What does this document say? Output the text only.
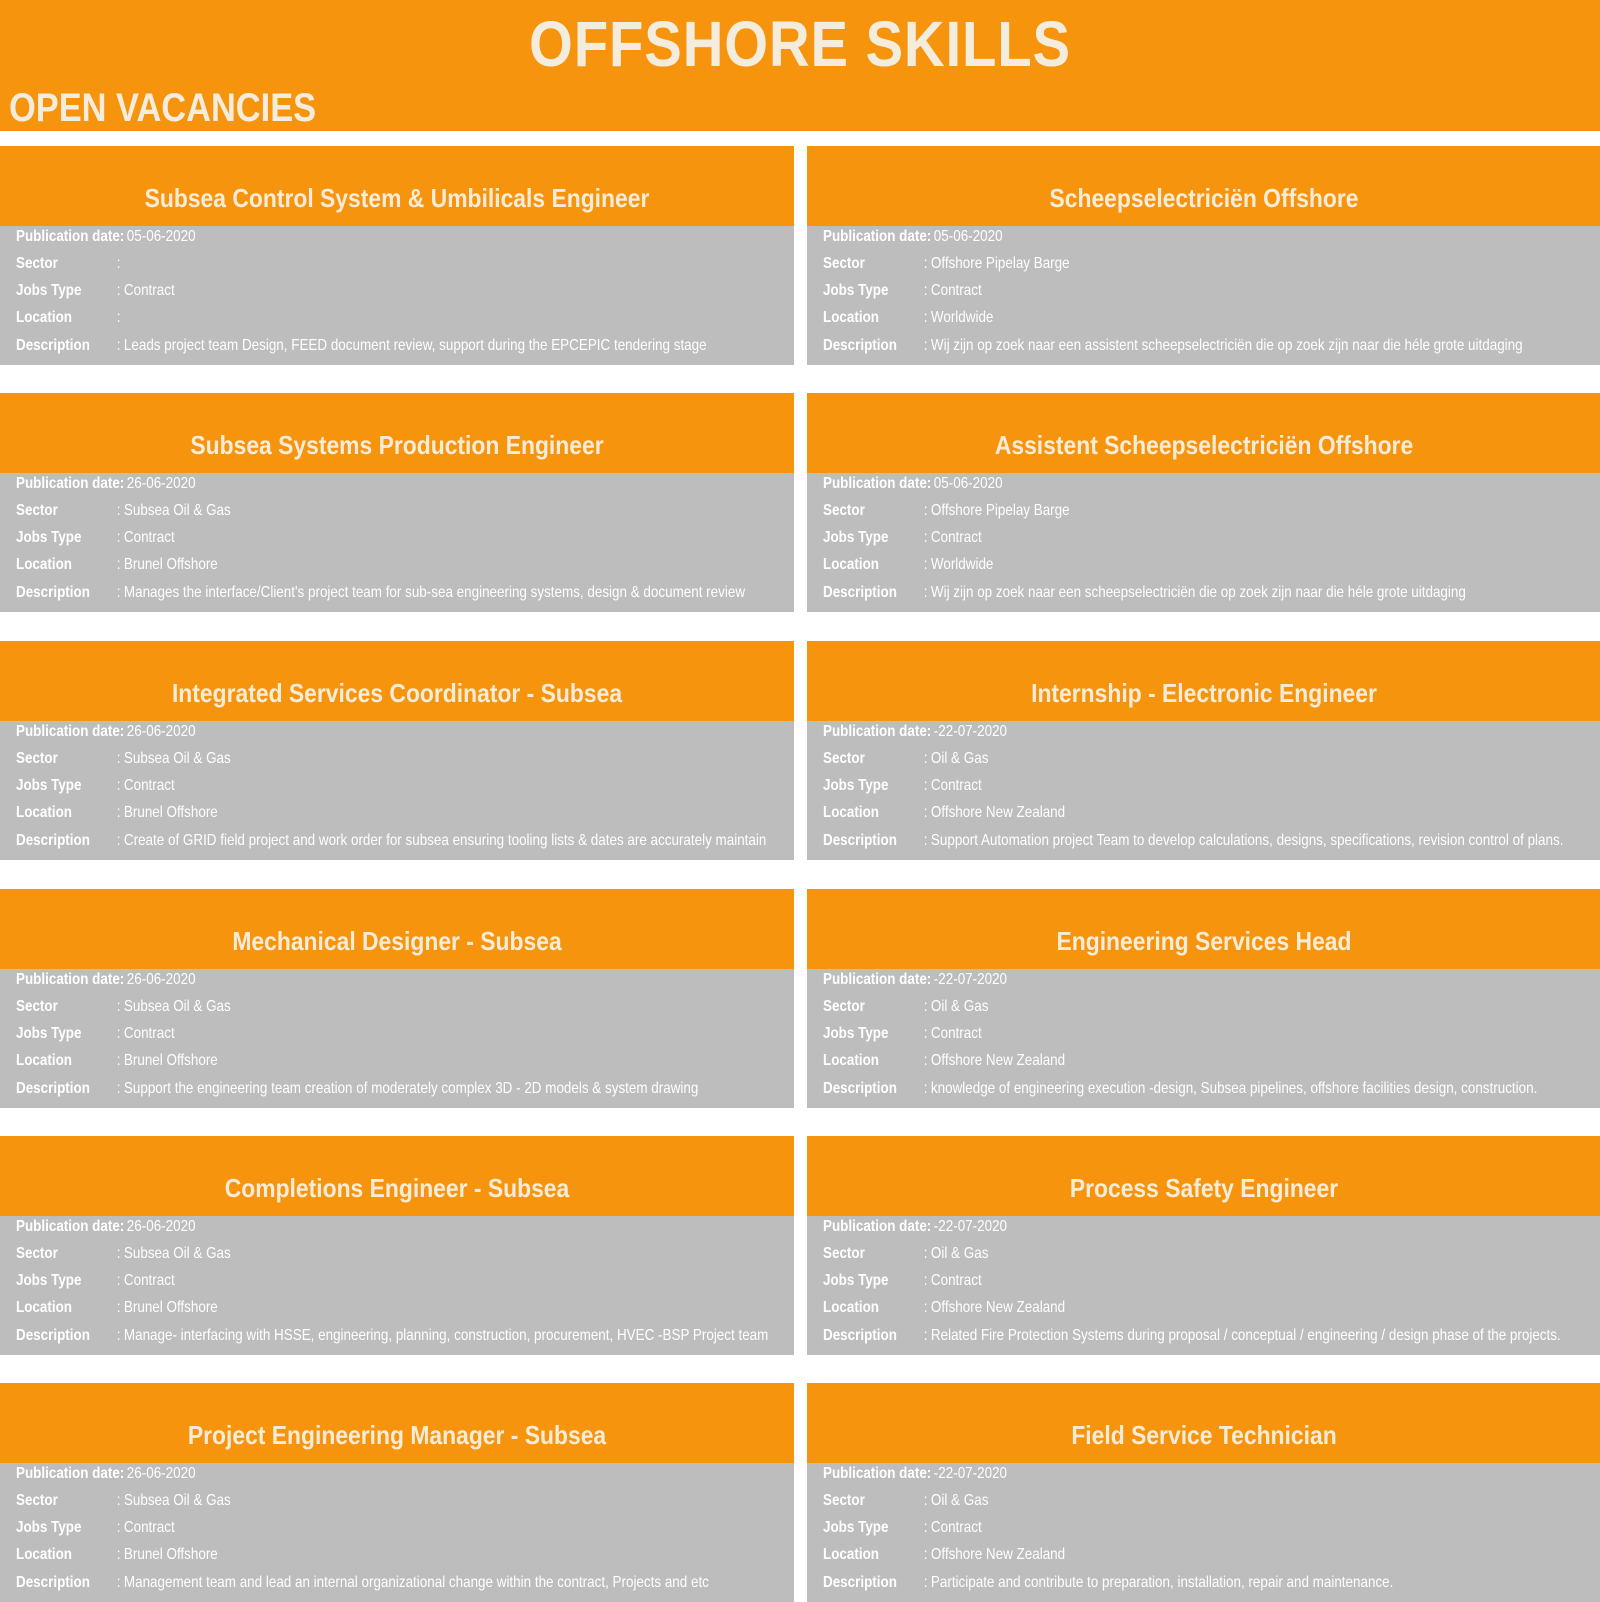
OFFSHORE SKILLS
OPEN VACANCIES
Subsea Control System & Umbilicals Engineer
Publication date: 05-06-2020
Sector	:
Jobs Type : Contract
Location	:
Description : Leads project team Design, FEED document review, support during the EPCEPIC tendering stage
Scheepselectriciën Offshore
Publication date: 05-06-2020
Sector	: Offshore Pipelay Barge
Jobs Type : Contract
Location	: Worldwide
Description : Wij zijn op zoek naar een assistent scheepselectriciën die op zoek zijn naar die héle grote uitdaging
Subsea Systems Production Engineer
Publication date: 26-06-2020
Sector	: Subsea Oil & Gas
Jobs Type : Contract
Location	: Brunel Offshore
Description : Manages the interface/Client's project team for sub-sea engineering systems, design & document review
Assistent Scheepselectriciën Offshore
Publication date: 05-06-2020
Sector	: Offshore Pipelay Barge
Jobs Type : Contract
Location	: Worldwide
Description : Wij zijn op zoek naar een scheepselectriciën die op zoek zijn naar die héle grote uitdaging
Integrated Services Coordinator - Subsea
Publication date: 26-06-2020
Sector	: Subsea Oil & Gas
Jobs Type : Contract
Location	: Brunel Offshore
Description : Create of GRID field project and work order for subsea ensuring tooling lists & dates are accurately maintain
Internship - Electronic Engineer
Publication date: -22-07-2020
Sector	: Oil & Gas
Jobs Type : Contract
Location	: Offshore New Zealand
Description : Support Automation project Team to develop calculations, designs, specifications, revision control of plans.
Mechanical Designer - Subsea
Publication date: 26-06-2020
Sector	: Subsea Oil & Gas
Jobs Type : Contract
Location	: Brunel Offshore
Description : Support the engineering team creation of moderately complex 3D - 2D models & system drawing
Engineering Services Head
Publication date: -22-07-2020
Sector	: Oil & Gas
Jobs Type : Contract
Location	: Offshore New Zealand
Description : knowledge of engineering execution -design, Subsea pipelines, offshore facilities design, construction.
Completions Engineer - Subsea
Publication date: 26-06-2020
Sector	: Subsea Oil & Gas
Jobs Type : Contract
Location	: Brunel Offshore
Description : Manage- interfacing with HSSE, engineering, planning, construction, procurement, HVEC -BSP Project team
Process Safety Engineer
Publication date: -22-07-2020
Sector	: Oil & Gas
Jobs Type : Contract
Location	: Offshore New Zealand
Description : Related Fire Protection Systems during proposal / conceptual / engineering / design phase of the projects.
Project Engineering Manager - Subsea
Publication date: 26-06-2020
Sector	: Subsea Oil & Gas
Jobs Type : Contract
Location	: Brunel Offshore
Description : Management team and lead an internal organizational change within the contract, Projects and etc
Field Service Technician
Publication date: -22-07-2020
Sector	: Oil & Gas
Jobs Type : Contract
Location	: Offshore New Zealand
Description : Participate and contribute to preparation, installation, repair and maintenance.
